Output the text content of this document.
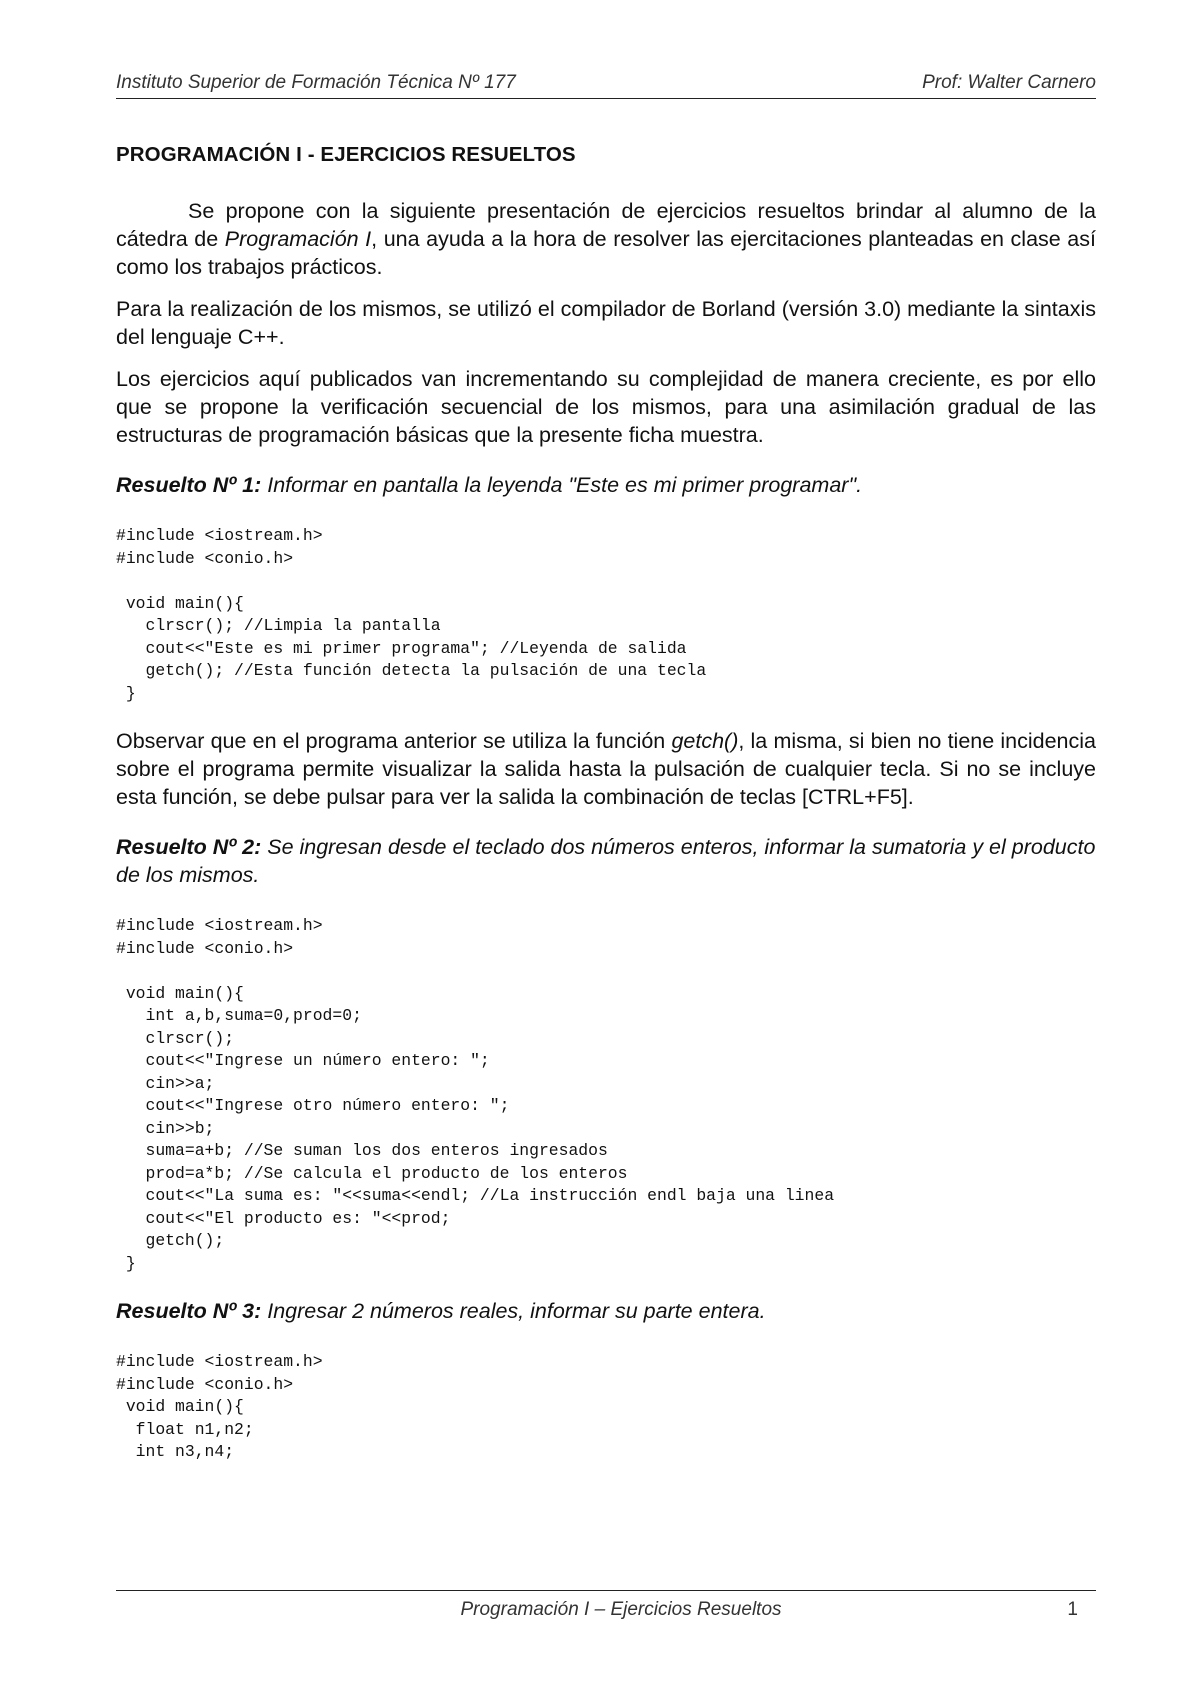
Instituto Superior de Formación Técnica Nº 177	Prof: Walter Carnero
PROGRAMACIÓN I - EJERCICIOS RESUELTOS

Se propone con la siguiente presentación de ejercicios resueltos brindar al alumno de la cátedra de Programación I, una ayuda a la hora de resolver las ejercitaciones planteadas en clase así como los trabajos prácticos.

Para la realización de los mismos, se utilizó el compilador de Borland (versión 3.0) mediante la sintaxis del lenguaje C++.

Los ejercicios aquí publicados van incrementando su complejidad de manera creciente, es por ello que se propone la verificación secuencial de los mismos, para una asimilación gradual de las estructuras de programación básicas que la presente ficha muestra.

Resuelto Nº 1: Informar en pantalla la leyenda "Este es mi primer programar".

#include <iostream.h>
#include <conio.h>
void main(){
clrscr(); //Limpia la pantalla
cout<<"Este es mi primer programa"; //Leyenda de salida
getch(); //Esta función detecta la pulsación de una tecla
}

Observar que en el programa anterior se utiliza la función getch(), la misma, si bien no tiene incidencia sobre el programa permite visualizar la salida hasta la pulsación de cualquier tecla. Si no se incluye esta función, se debe pulsar para ver la salida la combinación de teclas [CTRL+F5].

Resuelto Nº 2: Se ingresan desde el teclado dos números enteros, informar la sumatoria y el producto de los mismos.

#include <iostream.h>
#include <conio.h>
void main(){
int a,b,suma=0,prod=0;
clrscr();
cout<<"Ingrese un número entero: ";
cin>>a;
cout<<"Ingrese otro número entero: ";
cin>>b;
suma=a+b; //Se suman los dos enteros ingresados
prod=a*b; //Se calcula el producto de los enteros
cout<<"La suma es: "<<suma<<endl; //La instrucción endl baja una linea
cout<<"El producto es: "<<prod;
getch();
}

Resuelto Nº 3: Ingresar 2 números reales, informar su parte entera.

#include <iostream.h>
#include <conio.h>
void main(){
float n1,n2;
int n3,n4;
Programación I – Ejercicios Resueltos	1
